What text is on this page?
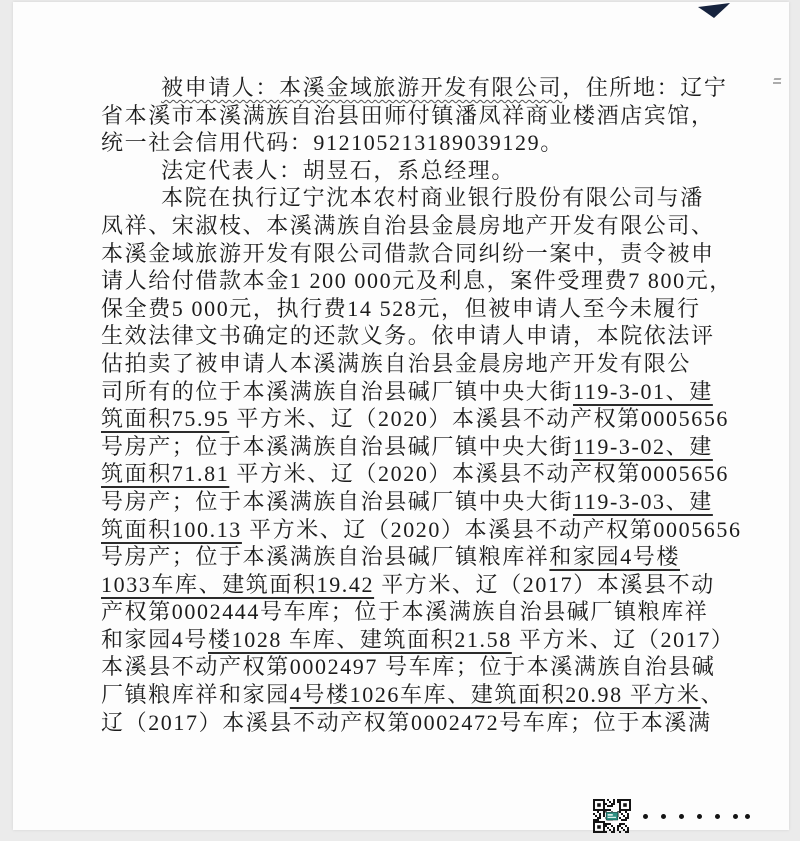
被申请人：本溪金域旅游开发有限公司，住所地：辽宁
省本溪市本溪满族自治县田师付镇潘凤祥商业楼酒店宾馆，
统一社会信用代码：912105213189039129。
法定代表人：胡昱石，系总经理。
本院在执行辽宁沈本农村商业银行股份有限公司与潘
凤祥、宋淑枝、本溪满族自治县金晨房地产开发有限公司、
本溪金域旅游开发有限公司借款合同纠纷一案中，责令被申
请人给付借款本金1 200 000元及利息，案件受理费7 800元，
保全费5 000元，执行费14 528元，但被申请人至今未履行
生效法律文书确定的还款义务。依申请人申请，本院依法评
估拍卖了被申请人本溪满族自治县金晨房地产开发有限公
司所有的位于本溪满族自治县碱厂镇中央大街119-3-01、建
筑面积75.95 平方米、辽（2020）本溪县不动产权第0005656
号房产；位于本溪满族自治县碱厂镇中央大街119-3-02、建
筑面积71.81 平方米、辽（2020）本溪县不动产权第0005656
号房产；位于本溪满族自治县碱厂镇中央大街119-3-03、建
筑面积100.13 平方米、辽（2020）本溪县不动产权第0005656
号房产；位于本溪满族自治县碱厂镇粮库祥和家园4号楼
1033车库、建筑面积19.42 平方米、辽（2017）本溪县不动
产权第0002444号车库；位于本溪满族自治县碱厂镇粮库祥
和家园4号楼1028 车库、建筑面积21.58 平方米、辽（2017）
本溪县不动产权第0002497 号车库；位于本溪满族自治县碱
厂镇粮库祥和家园4号楼1026车库、建筑面积20.98 平方米、
辽（2017）本溪县不动产权第0002472号车库；位于本溪满
